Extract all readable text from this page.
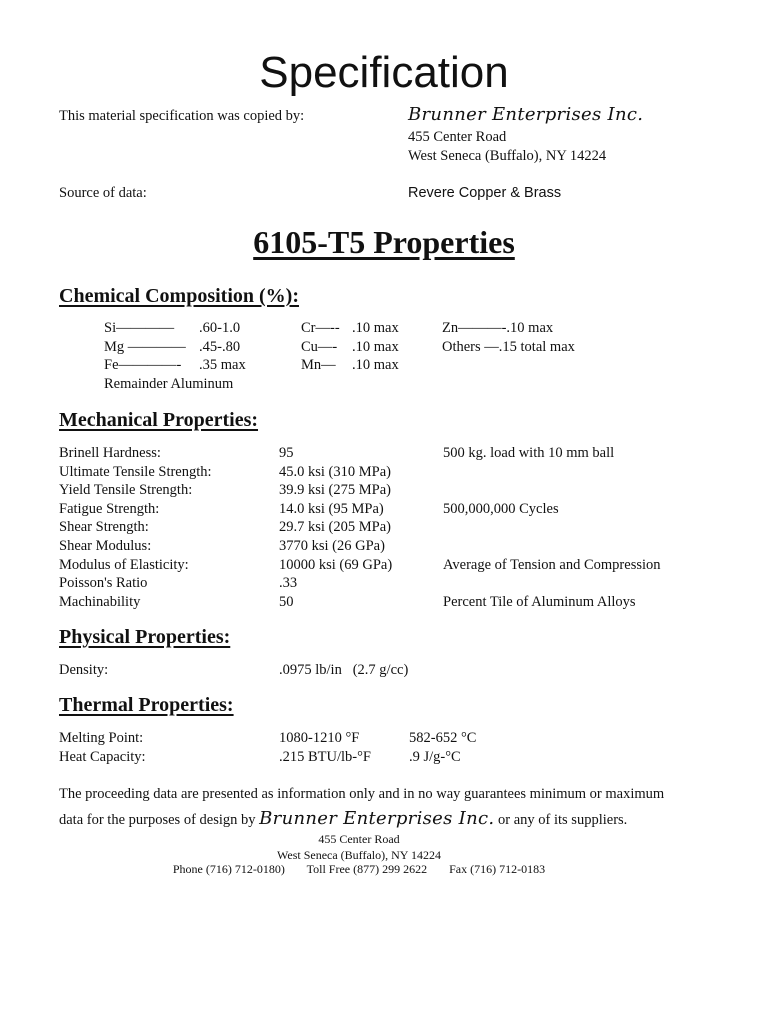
Specification
This material specification was copied by:	Brunner Enterprises Inc.
455 Center Road
West Seneca (Buffalo), NY 14224
Source of data:	Revere Copper & Brass
6105-T5 Properties
Chemical Composition (%):
Si———— .60-1.0	Cr—-- .10 max	Zn———-.10 max
Mg ———— .45-.80	Cu—- .10 max	Others —.15 total max
Fe————- .35 max	Mn— .10 max
Remainder Aluminum
Mechanical Properties:
Brinell Hardness:	95	500 kg. load with 10 mm ball
Ultimate Tensile Strength:	45.0 ksi (310 MPa)
Yield Tensile Strength:	39.9 ksi (275 MPa)
Fatigue Strength:	14.0 ksi (95 MPa)	500,000,000 Cycles
Shear Strength:	29.7 ksi (205 MPa)
Shear Modulus:	3770 ksi (26 GPa)
Modulus of Elasticity:	10000 ksi (69 GPa)	Average of Tension and Compression
Poisson's Ratio	.33
Machinability	50	Percent Tile of Aluminum Alloys
Physical Properties:
Density:	.0975 lb/in   (2.7 g/cc)
Thermal Properties:
Melting Point:	1080-1210 °F	582-652 °C
Heat Capacity:	.215 BTU/lb-°F	.9 J/g-°C
The proceeding data are presented as information only and in no way guarantees minimum or maximum
data for the purposes of design by Brunner Enterprises Inc. or any of its suppliers.
455 Center Road
West Seneca (Buffalo), NY 14224
Phone (716) 712-0180) Toll Free (877) 299 2622 Fax (716) 712-0183
